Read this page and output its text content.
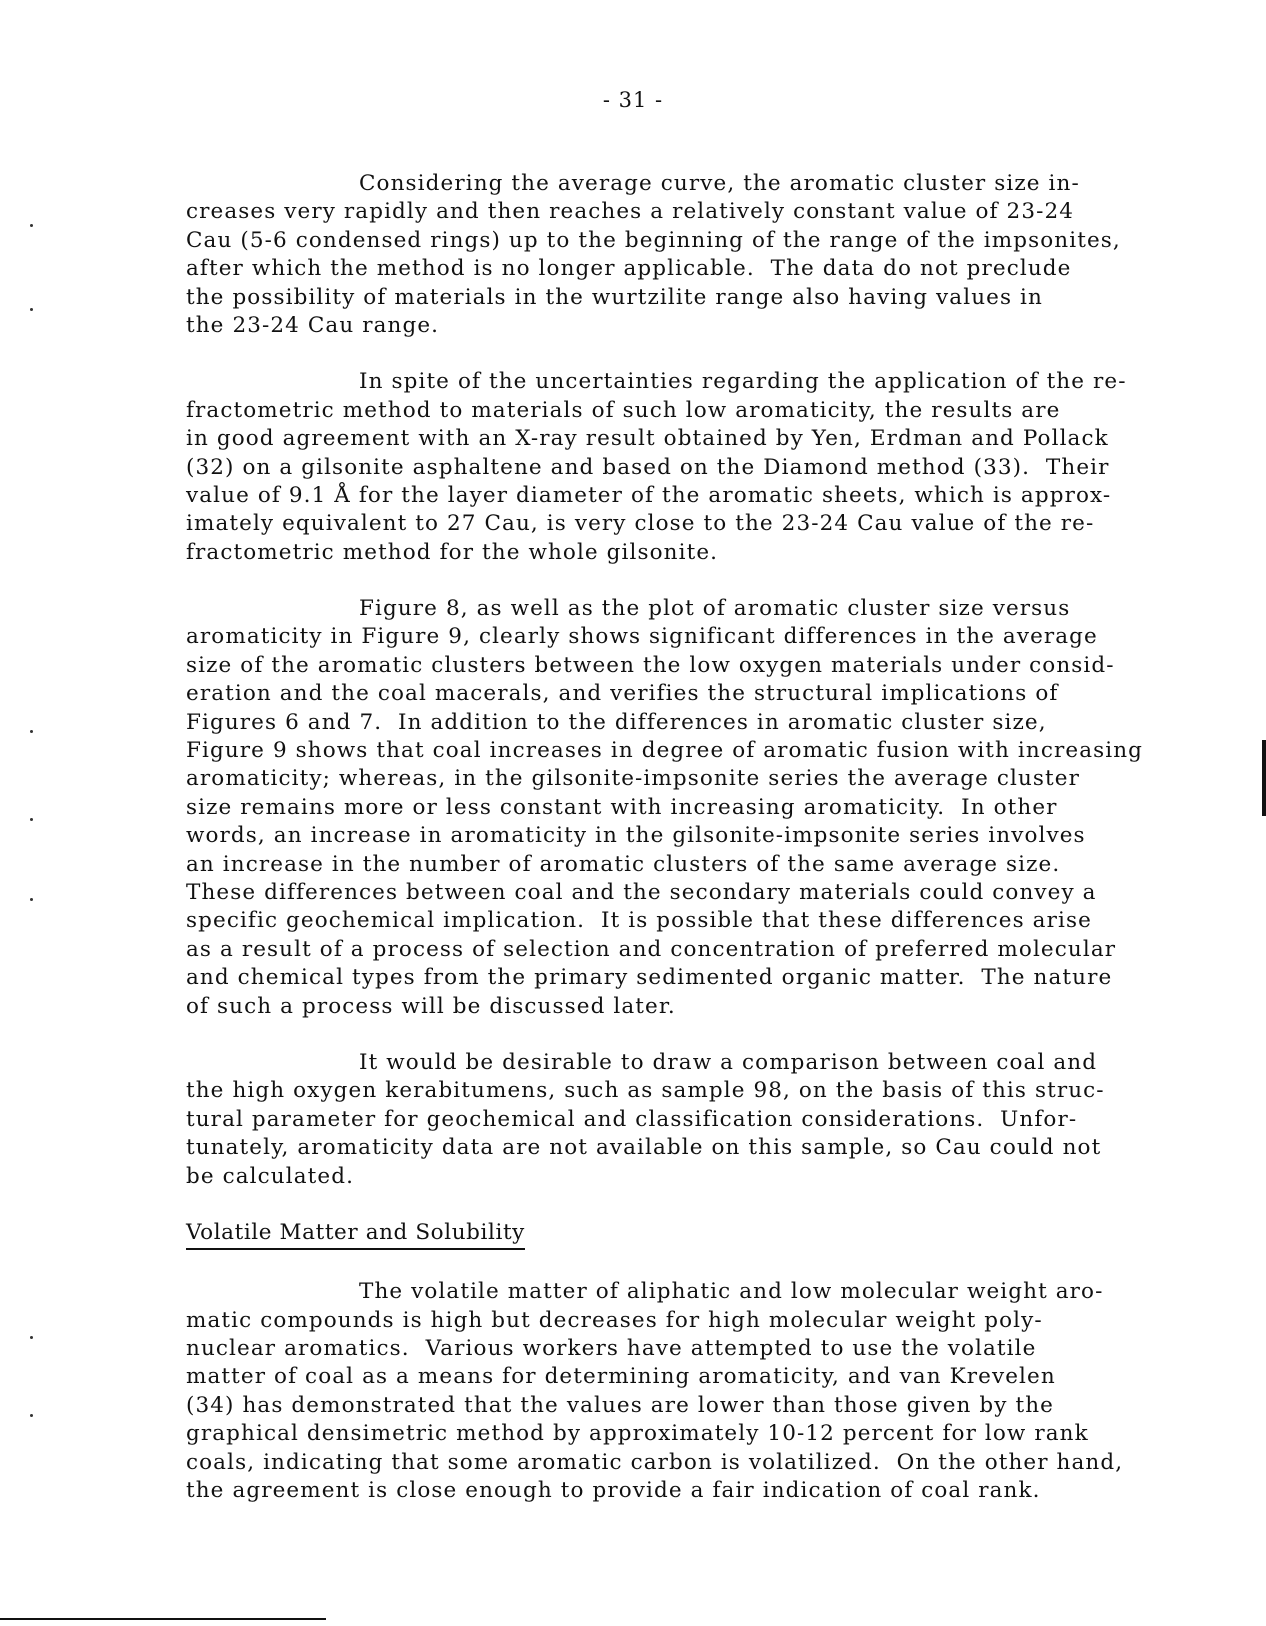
- 31 -
Considering the average curve, the aromatic cluster size in-
creases very rapidly and then reaches a relatively constant value of 23-24
Cau (5-6 condensed rings) up to the beginning of the range of the impsonites,
after which the method is no longer applicable.  The data do not preclude
the possibility of materials in the wurtzilite range also having values in
the 23-24 Cau range.
In spite of the uncertainties regarding the application of the re-
fractometric method to materials of such low aromaticity, the results are
in good agreement with an X-ray result obtained by Yen, Erdman and Pollack
(32) on a gilsonite asphaltene and based on the Diamond method (33).  Their
value of 9.1 Å for the layer diameter of the aromatic sheets, which is approx-
imately equivalent to 27 Cau, is very close to the 23-24 Cau value of the re-
fractometric method for the whole gilsonite.
Figure 8, as well as the plot of aromatic cluster size versus
aromaticity in Figure 9, clearly shows significant differences in the average
size of the aromatic clusters between the low oxygen materials under consid-
eration and the coal macerals, and verifies the structural implications of
Figures 6 and 7.  In addition to the differences in aromatic cluster size,
Figure 9 shows that coal increases in degree of aromatic fusion with increasing
aromaticity; whereas, in the gilsonite-impsonite series the average cluster
size remains more or less constant with increasing aromaticity.  In other
words, an increase in aromaticity in the gilsonite-impsonite series involves
an increase in the number of aromatic clusters of the same average size.
These differences between coal and the secondary materials could convey a
specific geochemical implication.  It is possible that these differences arise
as a result of a process of selection and concentration of preferred molecular
and chemical types from the primary sedimented organic matter.  The nature
of such a process will be discussed later.
It would be desirable to draw a comparison between coal and
the high oxygen kerabitumens, such as sample 98, on the basis of this struc-
tural parameter for geochemical and classification considerations.  Unfor-
tunately, aromaticity data are not available on this sample, so Cau could not
be calculated.
Volatile Matter and Solubility
The volatile matter of aliphatic and low molecular weight aro-
matic compounds is high but decreases for high molecular weight poly-
nuclear aromatics.  Various workers have attempted to use the volatile
matter of coal as a means for determining aromaticity, and van Krevelen
(34) has demonstrated that the values are lower than those given by the
graphical densimetric method by approximately 10-12 percent for low rank
coals, indicating that some aromatic carbon is volatilized.  On the other hand,
the agreement is close enough to provide a fair indication of coal rank.
